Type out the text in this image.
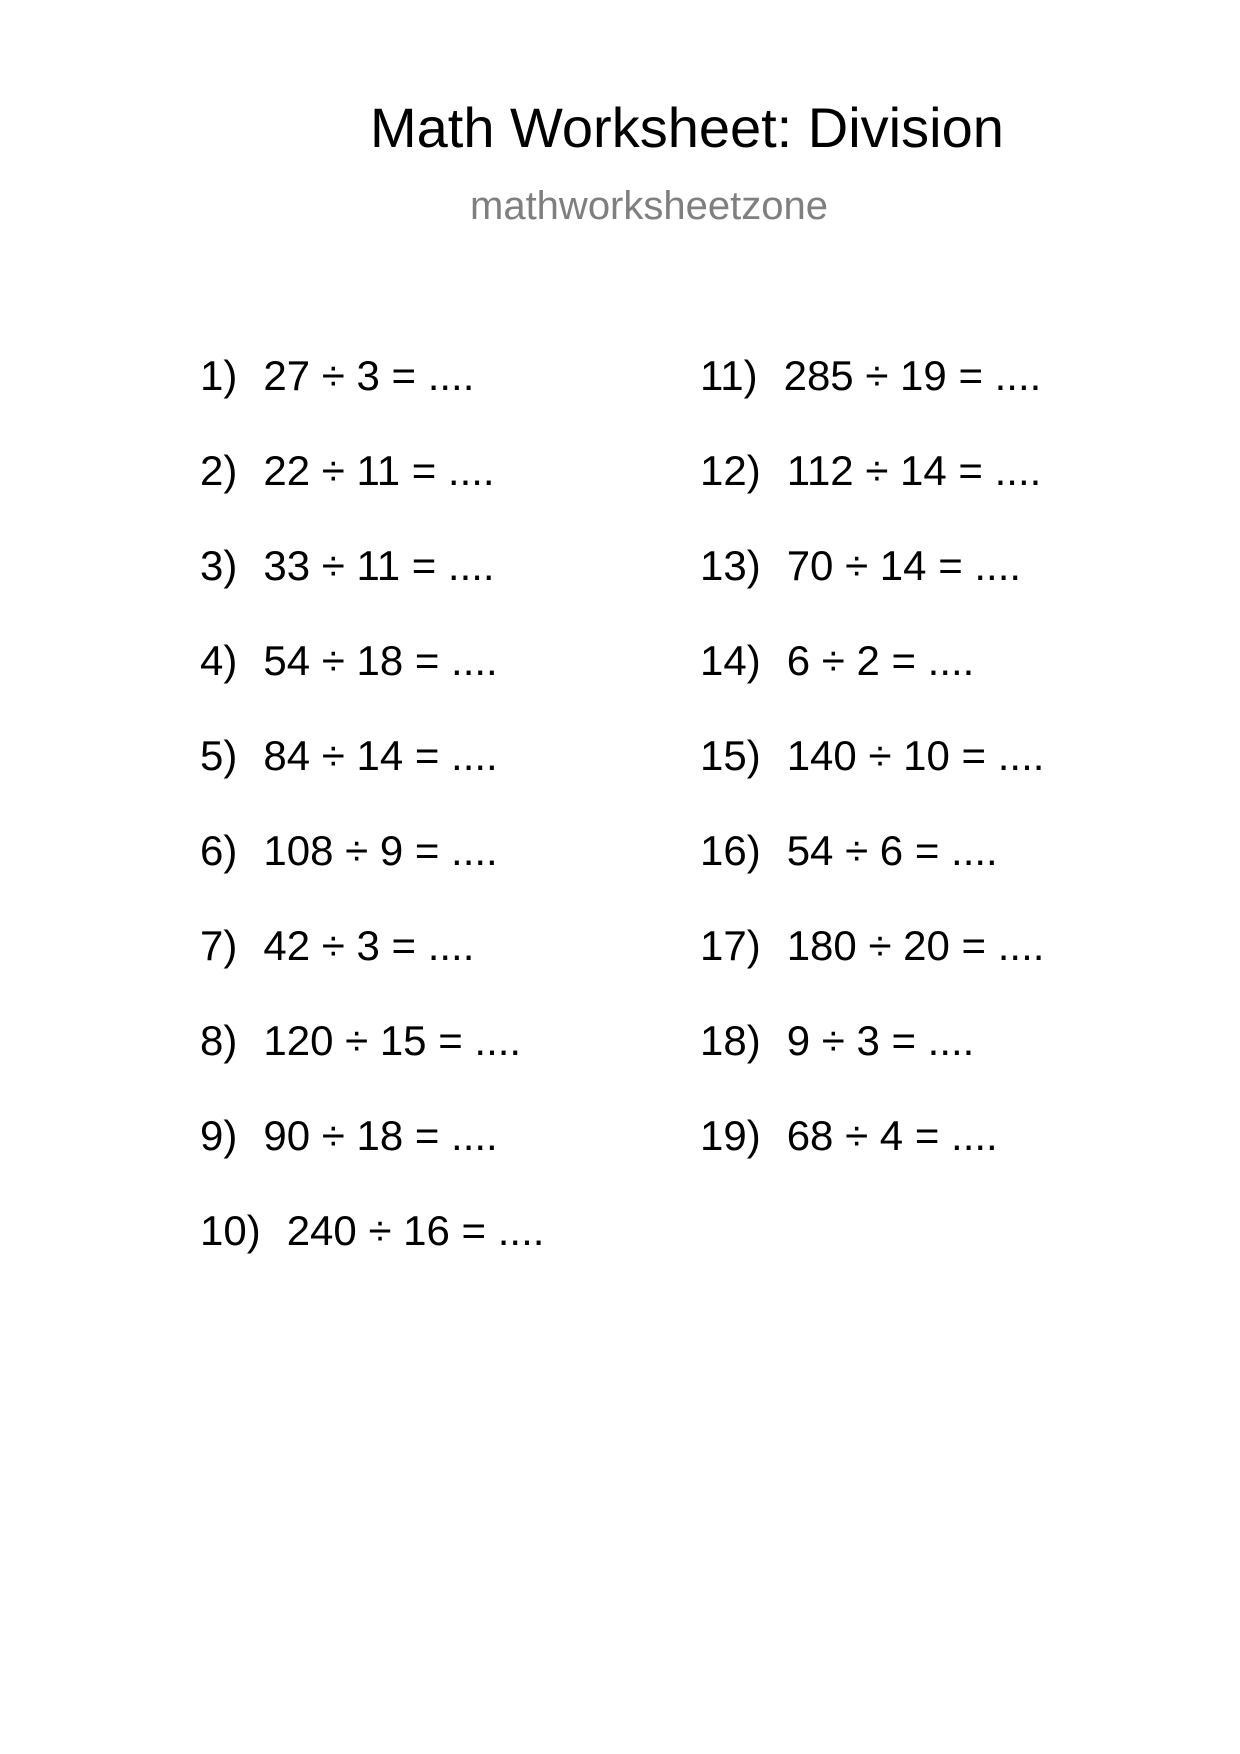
Math Worksheet: Division
mathworksheetzone
1) 27 ÷ 3 = ....
2) 22 ÷ 11 = ....
3) 33 ÷ 11 = ....
4) 54 ÷ 18 = ....
5) 84 ÷ 14 = ....
6) 108 ÷ 9 = ....
7) 42 ÷ 3 = ....
8) 120 ÷ 15 = ....
9) 90 ÷ 18 = ....
10) 240 ÷ 16 = ....
11) 285 ÷ 19 = ....
12) 112 ÷ 14 = ....
13) 70 ÷ 14 = ....
14) 6 ÷ 2 = ....
15) 140 ÷ 10 = ....
16) 54 ÷ 6 = ....
17) 180 ÷ 20 = ....
18) 9 ÷ 3 = ....
19) 68 ÷ 4 = ....
